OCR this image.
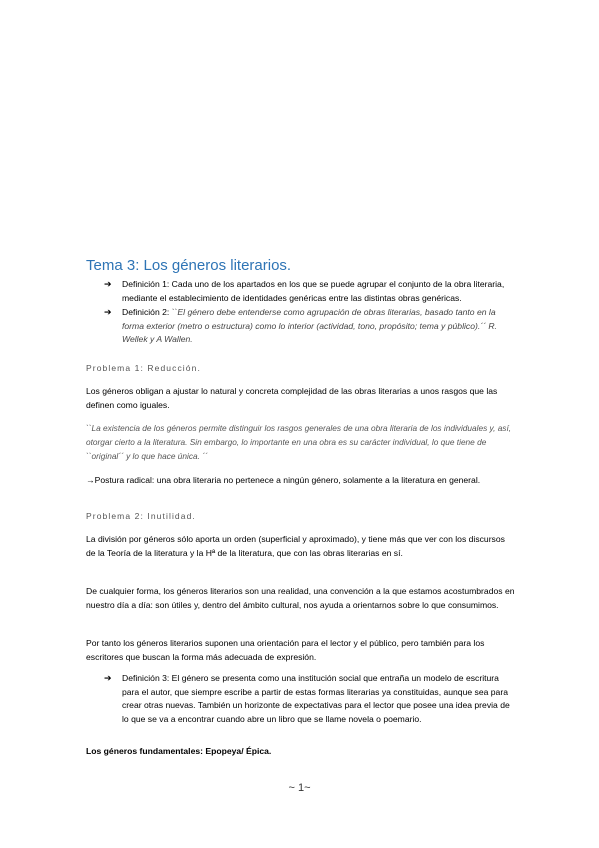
Tema 3: Los géneros literarios.
➔ Definición 1: Cada uno de los apartados en los que se puede agrupar el conjunto de la obra literaria, mediante el establecimiento de identidades genéricas entre las distintas obras genéricas.
➔ Definición 2: ``El género debe entenderse como agrupación de obras literarias, basado tanto en la forma exterior (metro o estructura) como lo interior (actividad, tono, propósito; tema y público).´´ R. Wellek y A Wallen.
Problema 1: Reducción.

Los géneros obligan a ajustar lo natural y concreta complejidad de las obras literarias a unos rasgos que las definen como iguales.

``La existencia de los géneros permite distinguir los rasgos generales de una obra literaria de los individuales y, así, otorgar cierto a la literatura. Sin embargo, lo importante en una obra es su carácter individual, lo que tiene de ``original´´ y lo que hace única. ´´

→Postura radical: una obra literaria no pertenece a ningún género, solamente a la literatura en general.

Problema 2: Inutilidad.

La división por géneros sólo aporta un orden (superficial y aproximado), y tiene más que ver con los discursos de la Teoría de la literatura y la Hª de la literatura, que con las obras literarias en sí.

De cualquier forma, los géneros literarios son una realidad, una convención a la que estamos acostumbrados en nuestro día a día: son útiles y, dentro del ámbito cultural, nos ayuda a orientarnos sobre lo que consumimos.

Por tanto los géneros literarios suponen una orientación para el lector y el público, pero también para los escritores que buscan la forma más adecuada de expresión.

➔ Definición 3: El género se presenta como una institución social que entraña un modelo de escritura para el autor, que siempre escribe a partir de estas formas literarias ya constituidas, aunque sea para crear otras nuevas. También un horizonte de expectativas para el lector que posee una idea previa de lo que se va a encontrar cuando abre un libro que se llame novela o poemario.

Los géneros fundamentales: Epopeya/ Épica.

~ 1~
